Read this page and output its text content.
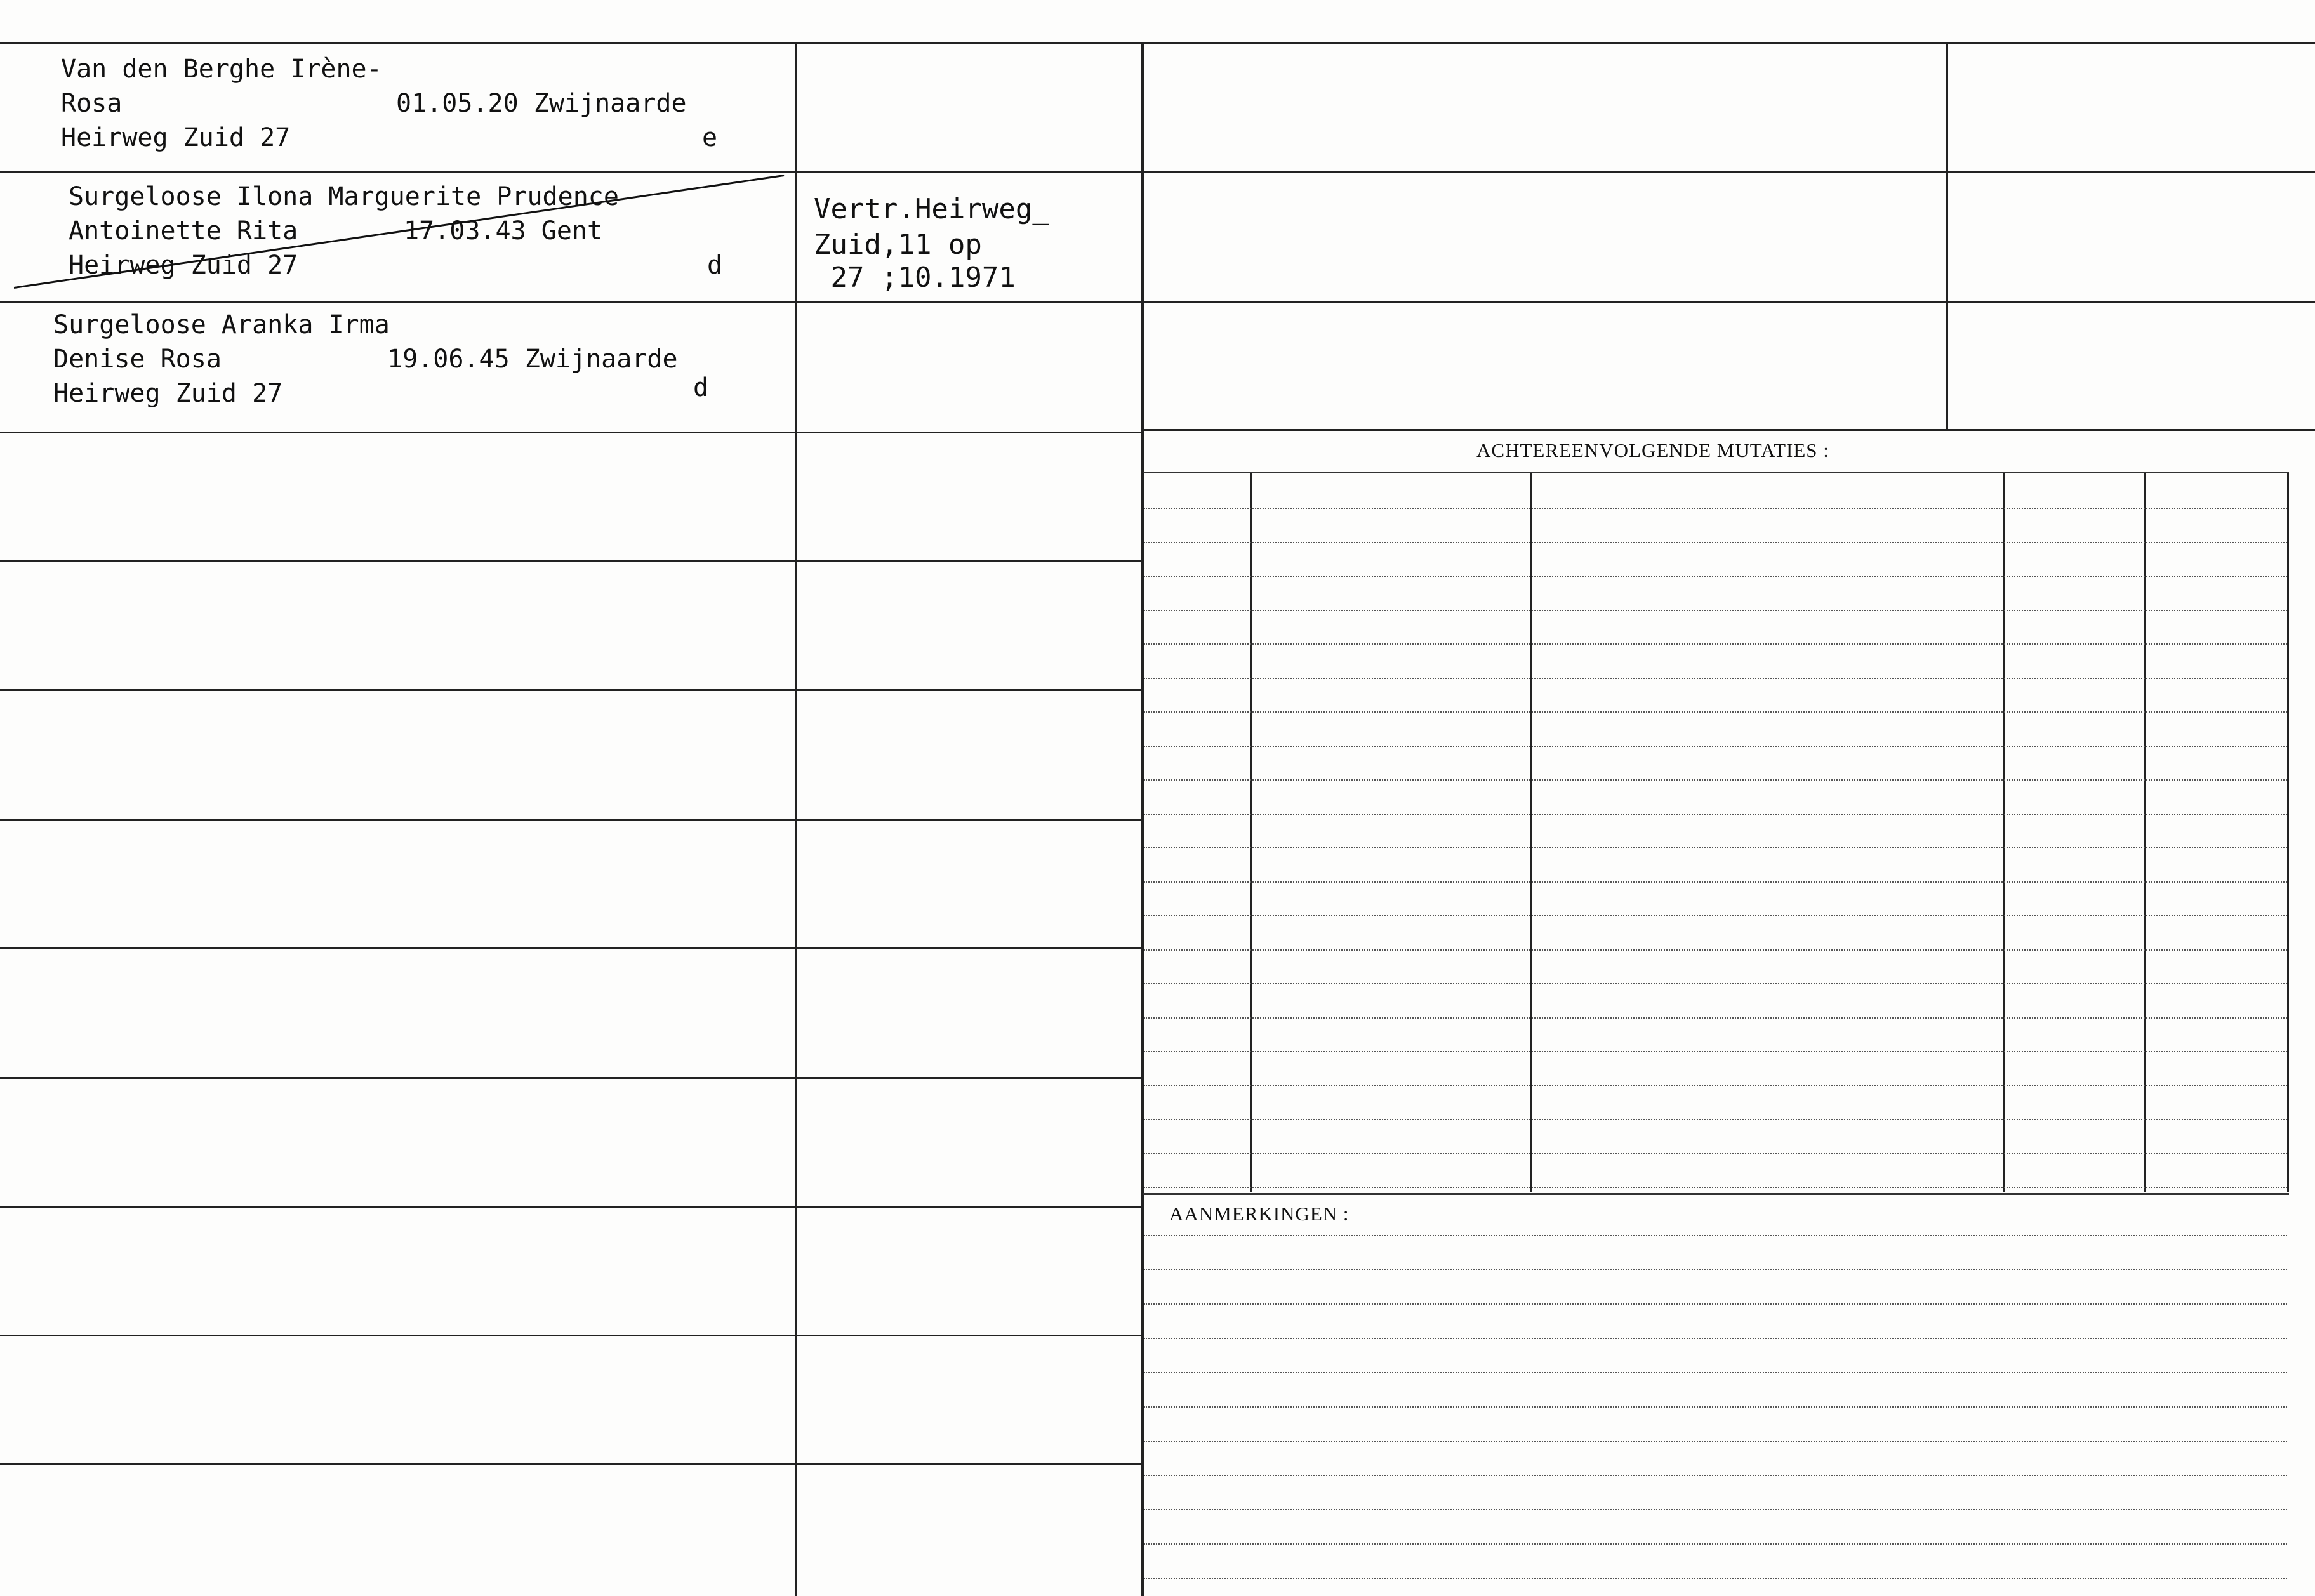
Van den Berghe Irène-
Rosa	01.05.20 Zwijnaarde
Heirweg Zuid 27	e
Surgeloose Ilona Marguerite Prudence
Antoinette Rita	17.03.43 Gent
Heirweg Zuid 27	d
Vertr.Heirweg_
Zuid,11 op
27 ;10.1971
Surgeloose Aranka Irma
Denise Rosa	19.06.45 Zwijnaarde
Heirweg Zuid 27	d
ACHTEREENVOLGENDE MUTATIES :
AANMERKINGEN :
